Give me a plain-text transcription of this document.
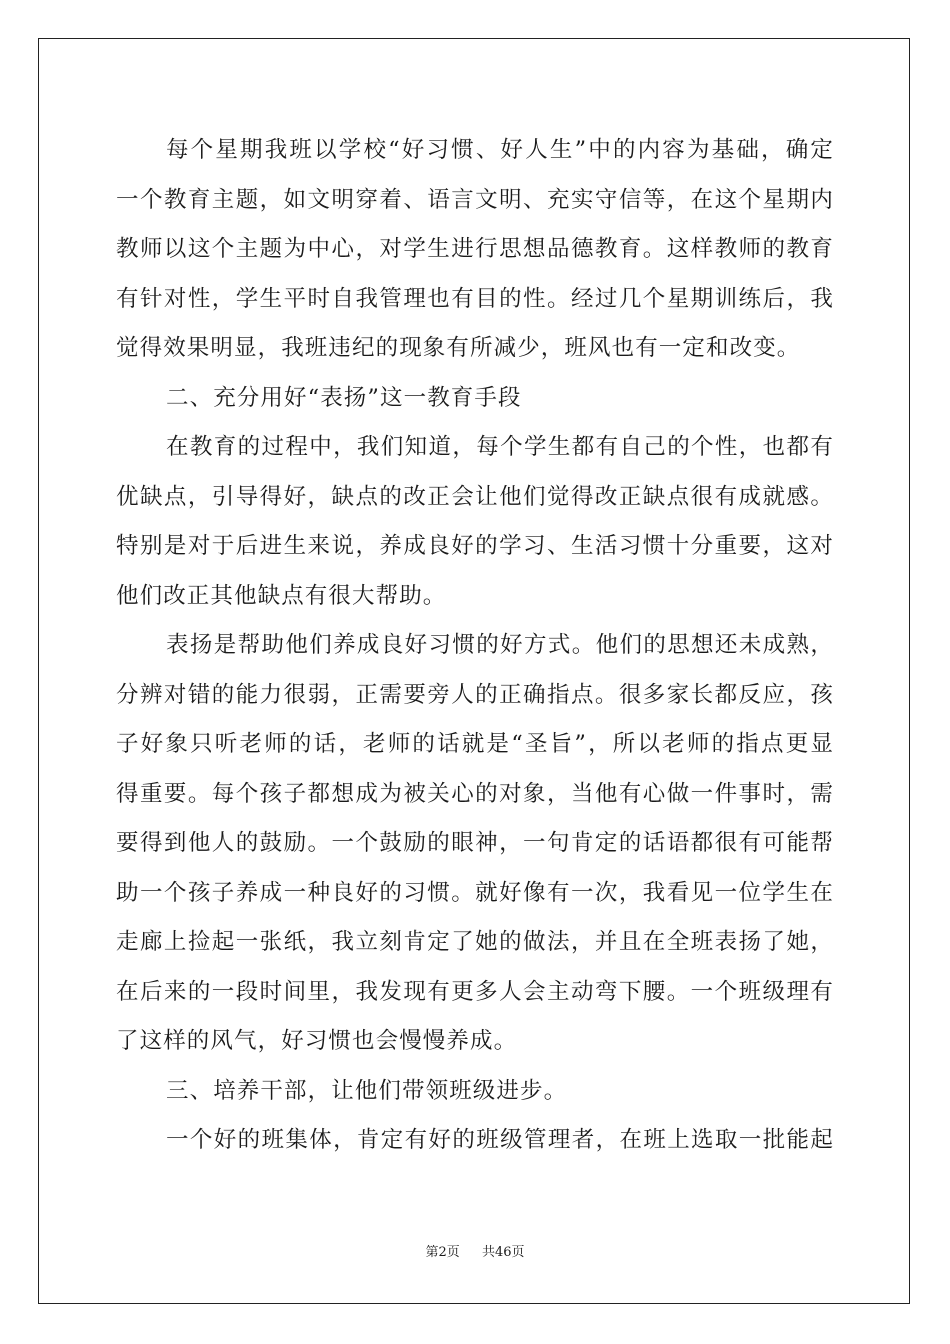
每个星期我班以学校“好习惯、好人生”中的内容为基础，确定
一个教育主题，如文明穿着、语言文明、充实守信等，在这个星期内
教师以这个主题为中心，对学生进行思想品德教育。这样教师的教育
有针对性，学生平时自我管理也有目的性。经过几个星期训练后，我
觉得效果明显，我班违纪的现象有所减少，班风也有一定和改变。
二、充分用好“表扬”这一教育手段
在教育的过程中，我们知道，每个学生都有自己的个性，也都有
优缺点，引导得好，缺点的改正会让他们觉得改正缺点很有成就感。
特别是对于后进生来说，养成良好的学习、生活习惯十分重要，这对
他们改正其他缺点有很大帮助。
表扬是帮助他们养成良好习惯的好方式。他们的思想还未成熟，
分辨对错的能力很弱，正需要旁人的正确指点。很多家长都反应，孩
子好象只听老师的话，老师的话就是“圣旨”，所以老师的指点更显
得重要。每个孩子都想成为被关心的对象，当他有心做一件事时，需
要得到他人的鼓励。一个鼓励的眼神，一句肯定的话语都很有可能帮
助一个孩子养成一种良好的习惯。就好像有一次，我看见一位学生在
走廊上捡起一张纸，我立刻肯定了她的做法，并且在全班表扬了她，
在后来的一段时间里，我发现有更多人会主动弯下腰。一个班级理有
了这样的风气，好习惯也会慢慢养成。
三、培养干部，让他们带领班级进步。
一个好的班集体，肯定有好的班级管理者，在班上选取一批能起
第2页 共46页
